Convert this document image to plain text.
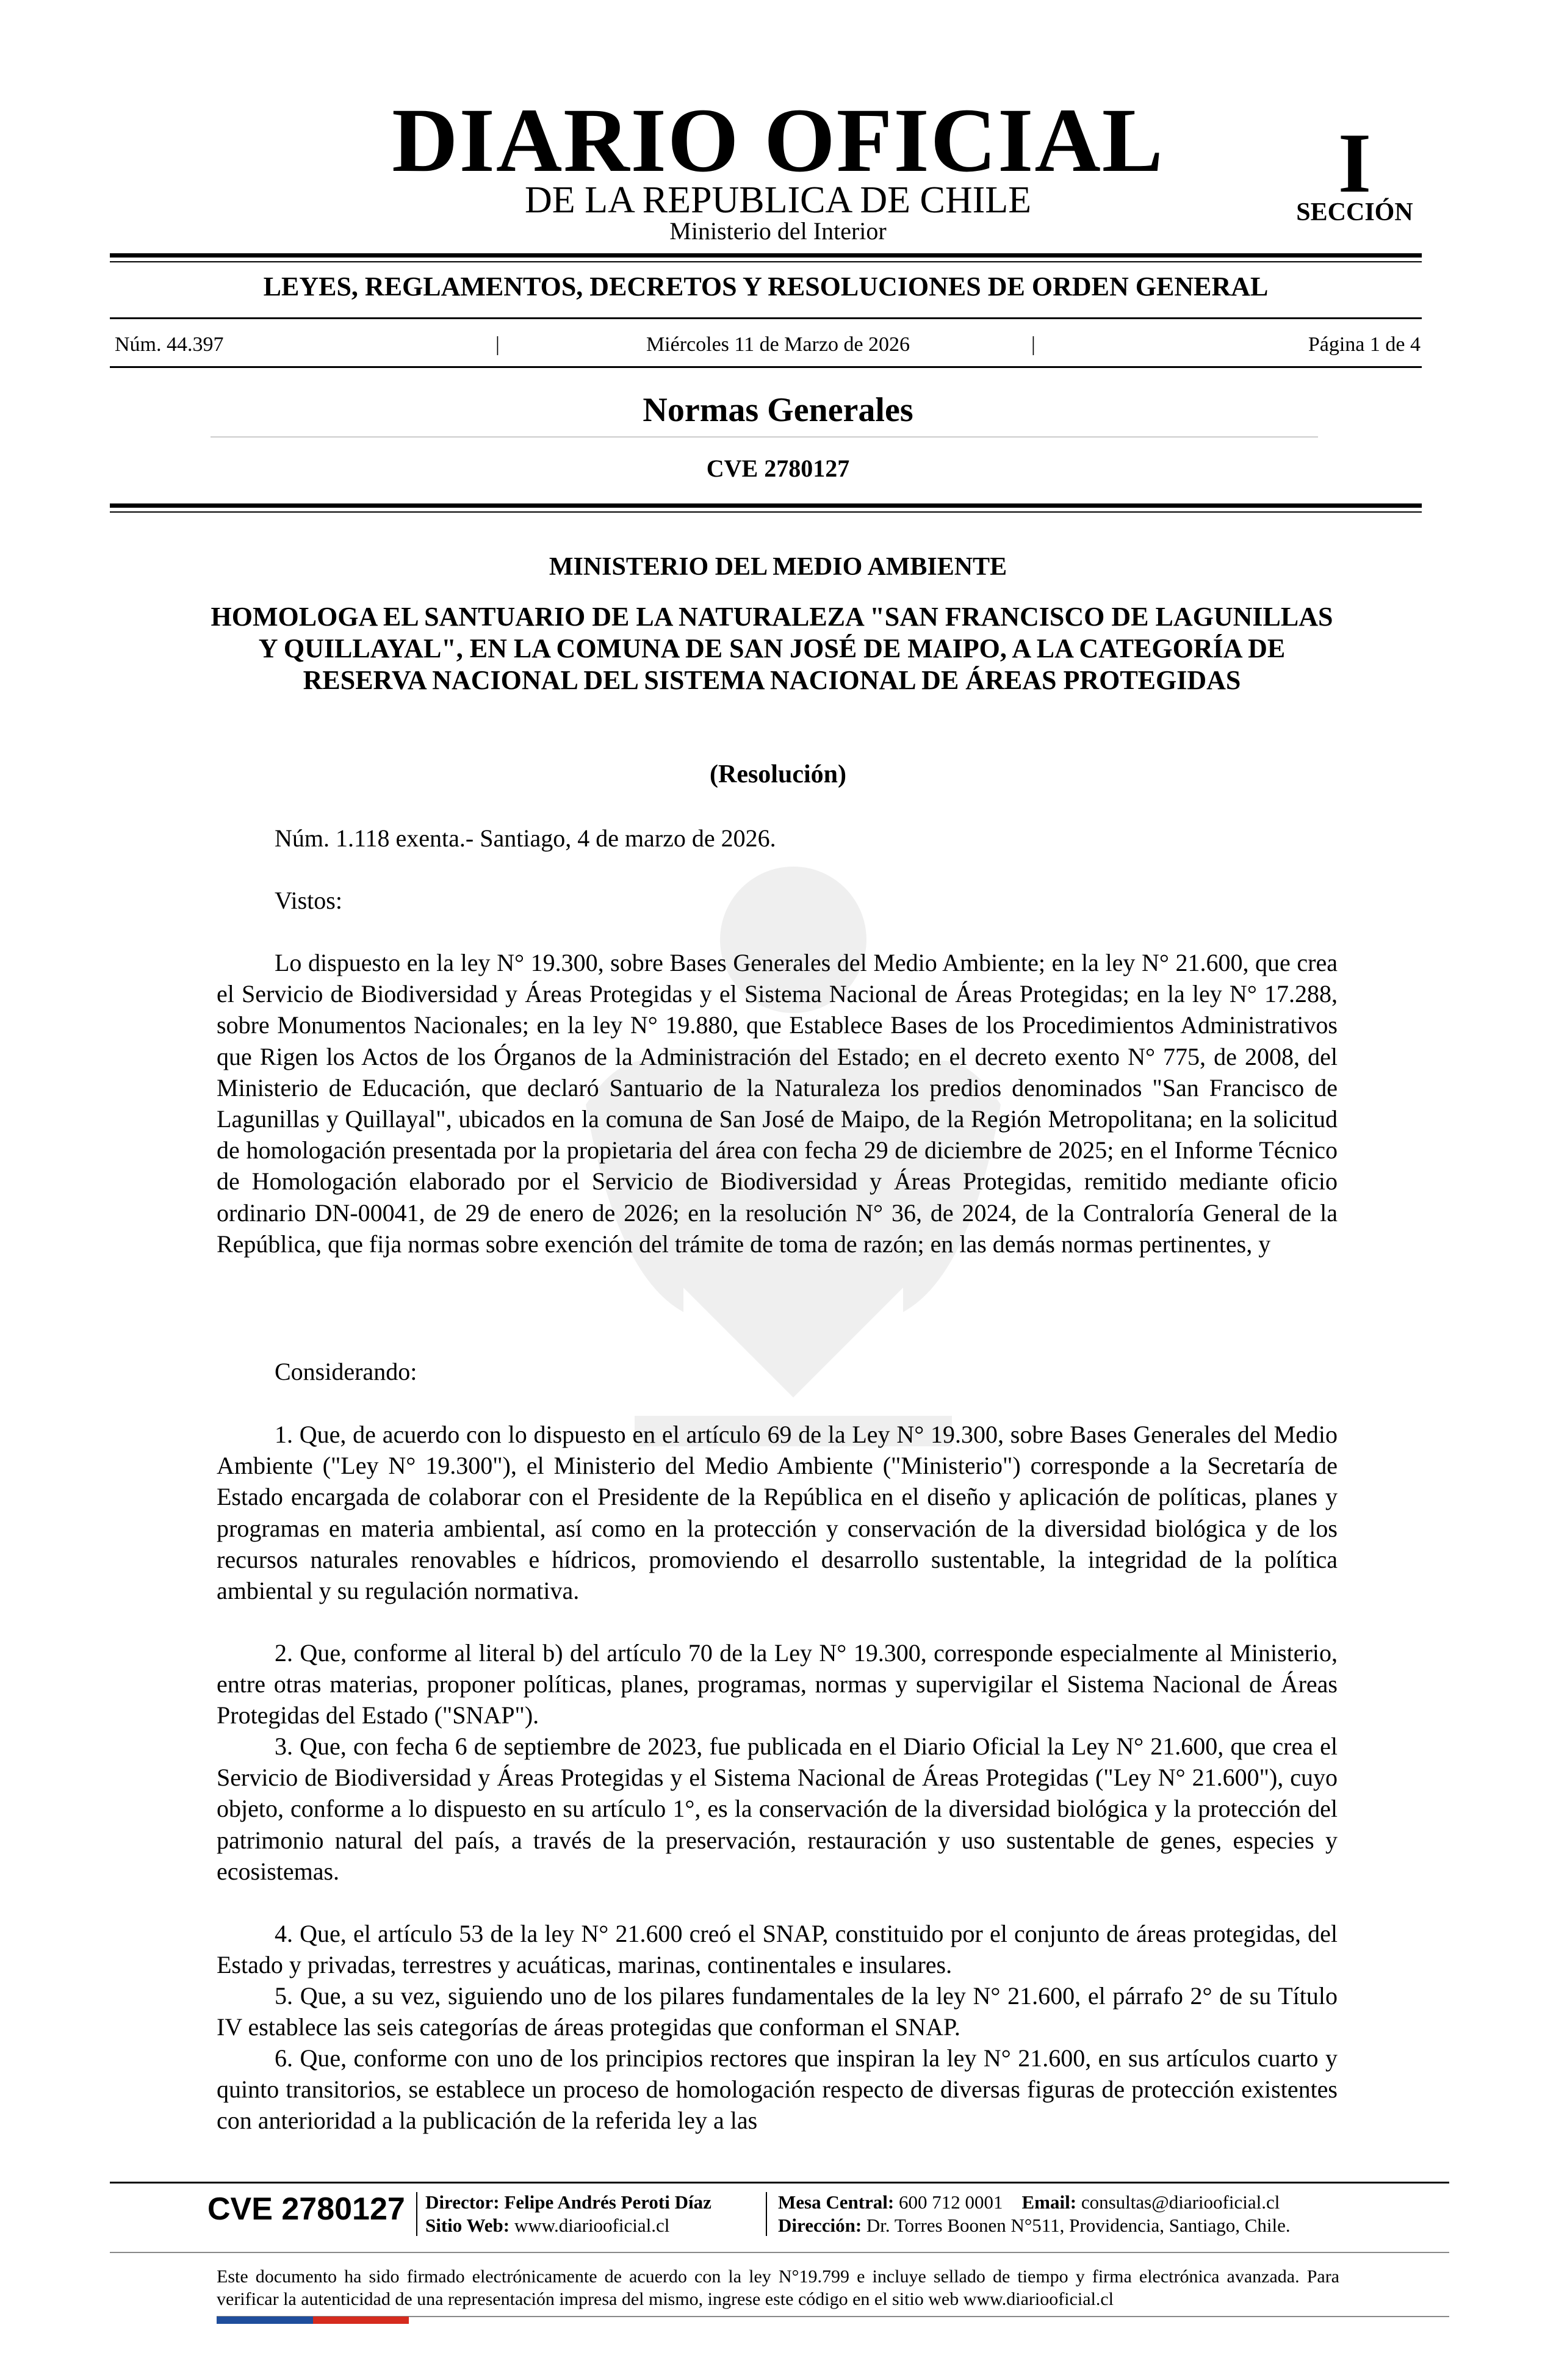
DIARIO OFICIAL
DE LA REPUBLICA DE CHILE
Ministerio del Interior
I
SECCIÓN
LEYES, REGLAMENTOS, DECRETOS Y RESOLUCIONES DE ORDEN GENERAL
Núm. 44.397	|	Miércoles 11 de Marzo de 2026	|	Página 1 de 4
Normas Generales
CVE 2780127
MINISTERIO DEL MEDIO AMBIENTE
HOMOLOGA EL SANTUARIO DE LA NATURALEZA "SAN FRANCISCO DE LAGUNILLAS Y QUILLAYAL", EN LA COMUNA DE SAN JOSÉ DE MAIPO, A LA CATEGORÍA DE RESERVA NACIONAL DEL SISTEMA NACIONAL DE ÁREAS PROTEGIDAS
(Resolución)

Núm. 1.118 exenta.- Santiago, 4 de marzo de 2026.

Vistos:

Lo dispuesto en la ley N° 19.300, sobre Bases Generales del Medio Ambiente; en la ley N° 21.600, que crea el Servicio de Biodiversidad y Áreas Protegidas y el Sistema Nacional de Áreas Protegidas; en la ley N° 17.288, sobre Monumentos Nacionales; en la ley N° 19.880, que Establece Bases de los Procedimientos Administrativos que Rigen los Actos de los Órganos de la Administración del Estado; en el decreto exento N° 775, de 2008, del Ministerio de Educación, que declaró Santuario de la Naturaleza los predios denominados "San Francisco de Lagunillas y Quillayal", ubicados en la comuna de San José de Maipo, de la Región Metropolitana; en la solicitud de homologación presentada por la propietaria del área con fecha 29 de diciembre de 2025; en el Informe Técnico de Homologación elaborado por el Servicio de Biodiversidad y Áreas Protegidas, remitido mediante oficio ordinario DN-00041, de 29 de enero de 2026; en la resolución N° 36, de 2024, de la Contraloría General de la República, que fija normas sobre exención del trámite de toma de razón; en las demás normas pertinentes, y

Considerando:

1. Que, de acuerdo con lo dispuesto en el artículo 69 de la Ley N° 19.300, sobre Bases Generales del Medio Ambiente ("Ley N° 19.300"), el Ministerio del Medio Ambiente ("Ministerio") corresponde a la Secretaría de Estado encargada de colaborar con el Presidente de la República en el diseño y aplicación de políticas, planes y programas en materia ambiental, así como en la protección y conservación de la diversidad biológica y de los recursos naturales renovables e hídricos, promoviendo el desarrollo sustentable, la integridad de la política ambiental y su regulación normativa.

2. Que, conforme al literal b) del artículo 70 de la Ley N° 19.300, corresponde especialmente al Ministerio, entre otras materias, proponer políticas, planes, programas, normas y supervigilar el Sistema Nacional de Áreas Protegidas del Estado ("SNAP").

3. Que, con fecha 6 de septiembre de 2023, fue publicada en el Diario Oficial la Ley N° 21.600, que crea el Servicio de Biodiversidad y Áreas Protegidas y el Sistema Nacional de Áreas Protegidas ("Ley N° 21.600"), cuyo objeto, conforme a lo dispuesto en su artículo 1°, es la conservación de la diversidad biológica y la protección del patrimonio natural del país, a través de la preservación, restauración y uso sustentable de genes, especies y ecosistemas.

4. Que, el artículo 53 de la ley N° 21.600 creó el SNAP, constituido por el conjunto de áreas protegidas, del Estado y privadas, terrestres y acuáticas, marinas, continentales e insulares.

5. Que, a su vez, siguiendo uno de los pilares fundamentales de la ley N° 21.600, el párrafo 2° de su Título IV establece las seis categorías de áreas protegidas que conforman el SNAP.

6. Que, conforme con uno de los principios rectores que inspiran la ley N° 21.600, en sus artículos cuarto y quinto transitorios, se establece un proceso de homologación respecto de diversas figuras de protección existentes con anterioridad a la publicación de la referida ley a las

CVE 2780127 Director: Felipe Andrés Peroti Díaz
Sitio Web: www.diariooficial.cl
Mesa Central: 600 712 0001 Email: consultas@diariooficial.cl
Dirección: Dr. Torres Boonen N°511, Providencia, Santiago, Chile.

Este documento ha sido firmado electrónicamente de acuerdo con la ley N°19.799 e incluye sellado de tiempo y firma electrónica avanzada. Para verificar la autenticidad de una representación impresa del mismo, ingrese este código en el sitio web www.diariooficial.cl
